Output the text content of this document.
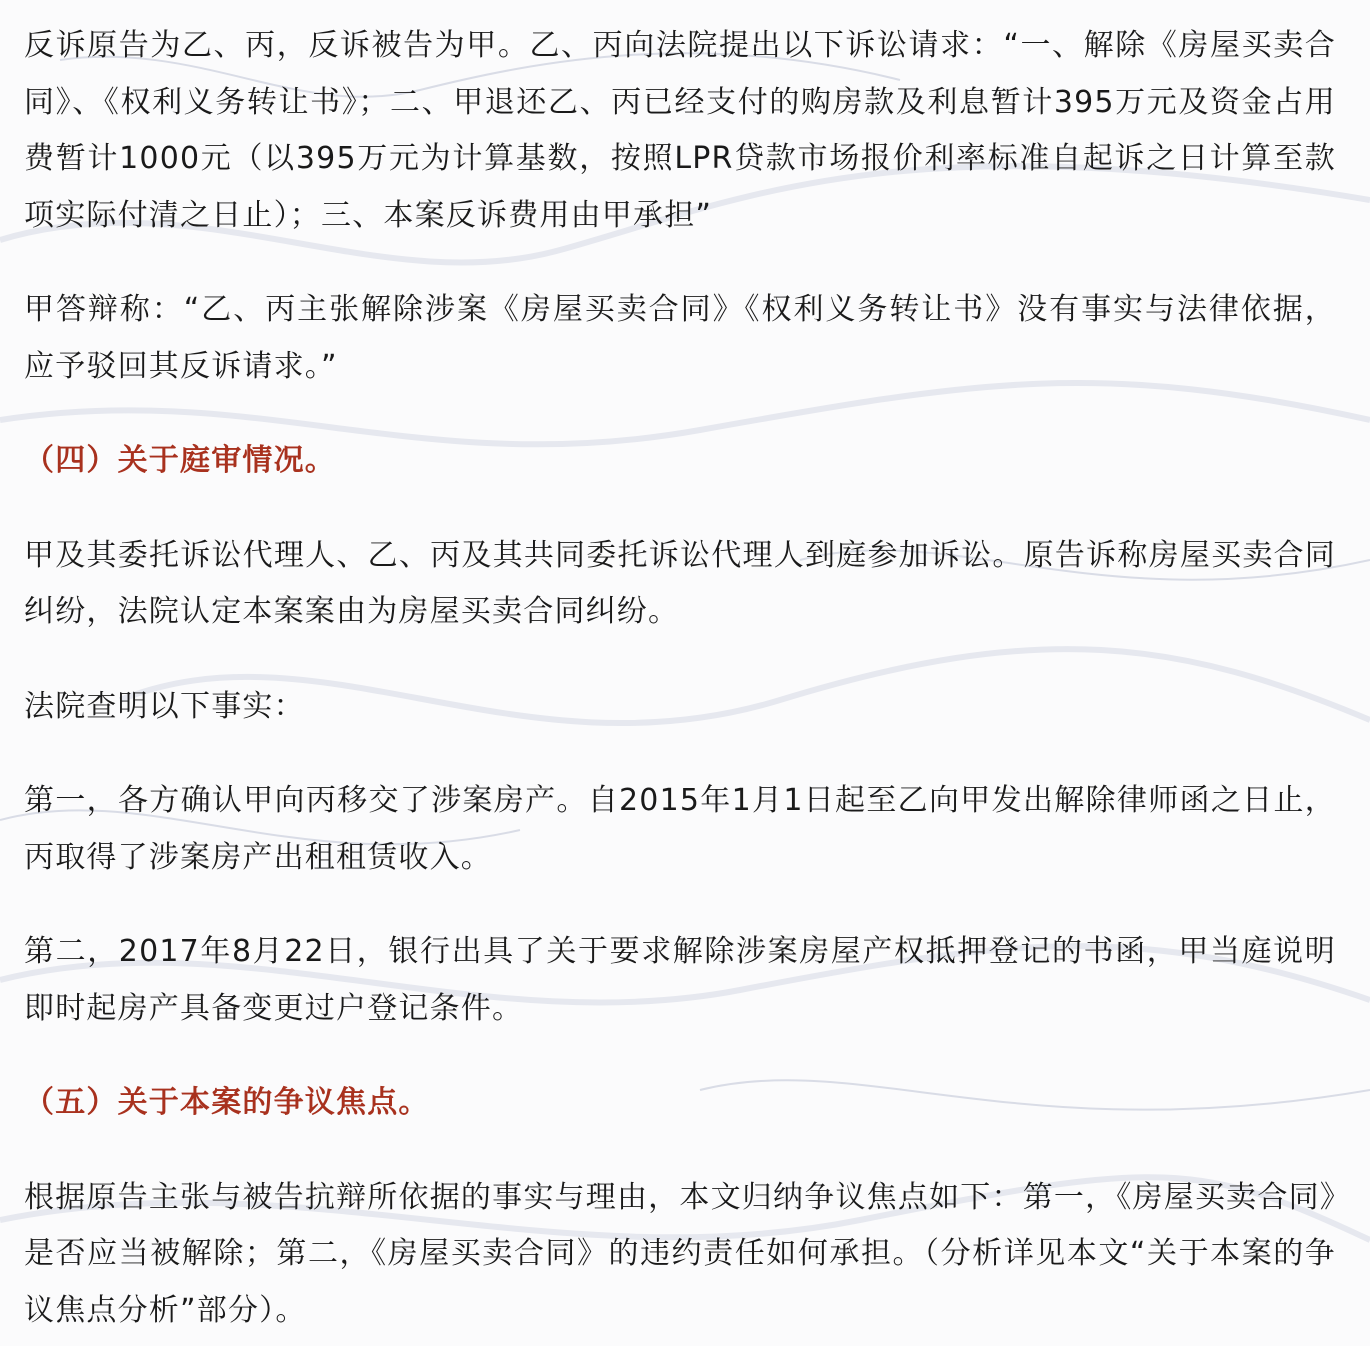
反诉原告为乙、丙，反诉被告为甲。乙、丙向法院提出以下诉讼请求：“一、解除《房屋买卖合同》、《权利义务转让书》；二、甲退还乙、丙已经支付的购房款及利息暂计395万元及资金占用费暂计1000元（以395万元为计算基数，按照LPR贷款市场报价利率标准自起诉之日计算至款项实际付清之日止）；三、本案反诉费用由甲承担”

甲答辩称：“乙、丙主张解除涉案《房屋买卖合同》《权利义务转让书》没有事实与法律依据，应予驳回其反诉请求。”

（四）关于庭审情况。

甲及其委托诉讼代理人、乙、丙及其共同委托诉讼代理人到庭参加诉讼。原告诉称房屋买卖合同纠纷，法院认定本案案由为房屋买卖合同纠纷。

法院查明以下事实：

第一，各方确认甲向丙移交了涉案房产。自2015年1月1日起至乙向甲发出解除律师函之日止，丙取得了涉案房产出租租赁收入。

第二，2017年8月22日，银行出具了关于要求解除涉案房屋产权抵押登记的书函，甲当庭说明即时起房产具备变更过户登记条件。

（五）关于本案的争议焦点。

根据原告主张与被告抗辩所依据的事实与理由，本文归纳争议焦点如下：第一，《房屋买卖合同》是否应当被解除；第二，《房屋买卖合同》的违约责任如何承担。（分析详见本文“关于本案的争议焦点分析”部分）。
